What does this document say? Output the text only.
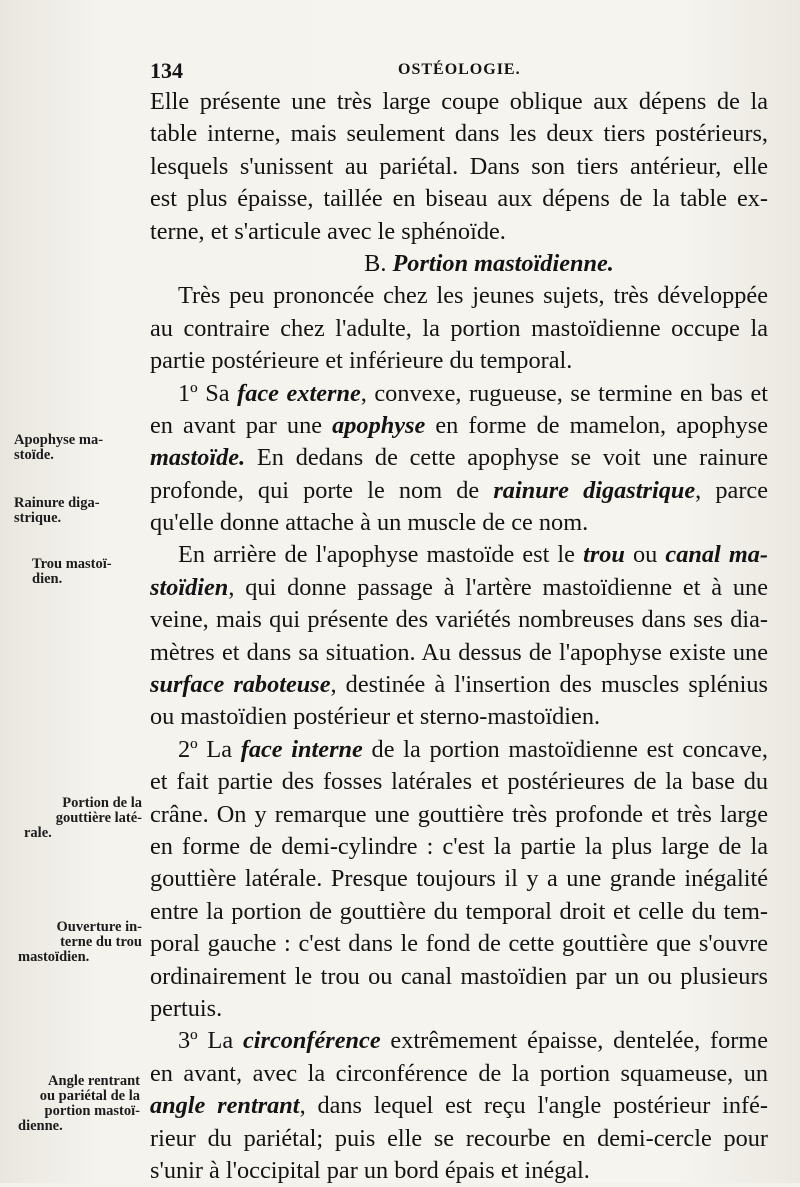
134	OSTÉOLOGIE.
Elle présente une très large coupe oblique aux dépens de la
table interne, mais seulement dans les deux tiers postérieurs,
lesquels s'unissent au pariétal. Dans son tiers antérieur, elle
est plus épaisse, taillée en biseau aux dépens de la table ex-
terne, et s'articule avec le sphénoïde.
B. Portion mastoïdienne.
Très peu prononcée chez les jeunes sujets, très développée
au contraire chez l'adulte, la portion mastoïdienne occupe la
partie postérieure et inférieure du temporal.
1º Sa face externe, convexe, rugueuse, se termine en bas et
en avant par une apophyse en forme de mamelon, apophyse
mastoïde. En dedans de cette apophyse se voit une rainure
profonde, qui porte le nom de rainure digastrique, parce
qu'elle donne attache à un muscle de ce nom.
En arrière de l'apophyse mastoïde est le trou ou canal ma-
stoïdien, qui donne passage à l'artère mastoïdienne et à une
veine, mais qui présente des variétés nombreuses dans ses dia-
mètres et dans sa situation. Au dessus de l'apophyse existe une
surface raboteuse, destinée à l'insertion des muscles splénius
ou mastoïdien postérieur et sterno-mastoïdien.
2º La face interne de la portion mastoïdienne est concave,
et fait partie des fosses latérales et postérieures de la base du
crâne. On y remarque une gouttière très profonde et très large
en forme de demi-cylindre : c'est la partie la plus large de la
gouttière latérale. Presque toujours il y a une grande inégalité
entre la portion de gouttière du temporal droit et celle du tem-
poral gauche : c'est dans le fond de cette gouttière que s'ouvre
ordinairement le trou ou canal mastoïdien par un ou plusieurs
pertuis.
3º La circonférence extrêmement épaisse, dentelée, forme
en avant, avec la circonférence de la portion squameuse, un
angle rentrant, dans lequel est reçu l'angle postérieur infé-
rieur du pariétal; puis elle se recourbe en demi-cercle pour
s'unir à l'occipital par un bord épais et inégal.
Apophyse ma-
stoïde.
Rainure diga-
strique.
Trou mastoï-
dien.
Portion de la
gouttière laté-
rale.
Ouverture in-
terne du trou
mastoïdien.
Angle rentrant
ou pariétal de la
portion mastoï-
dienne.
